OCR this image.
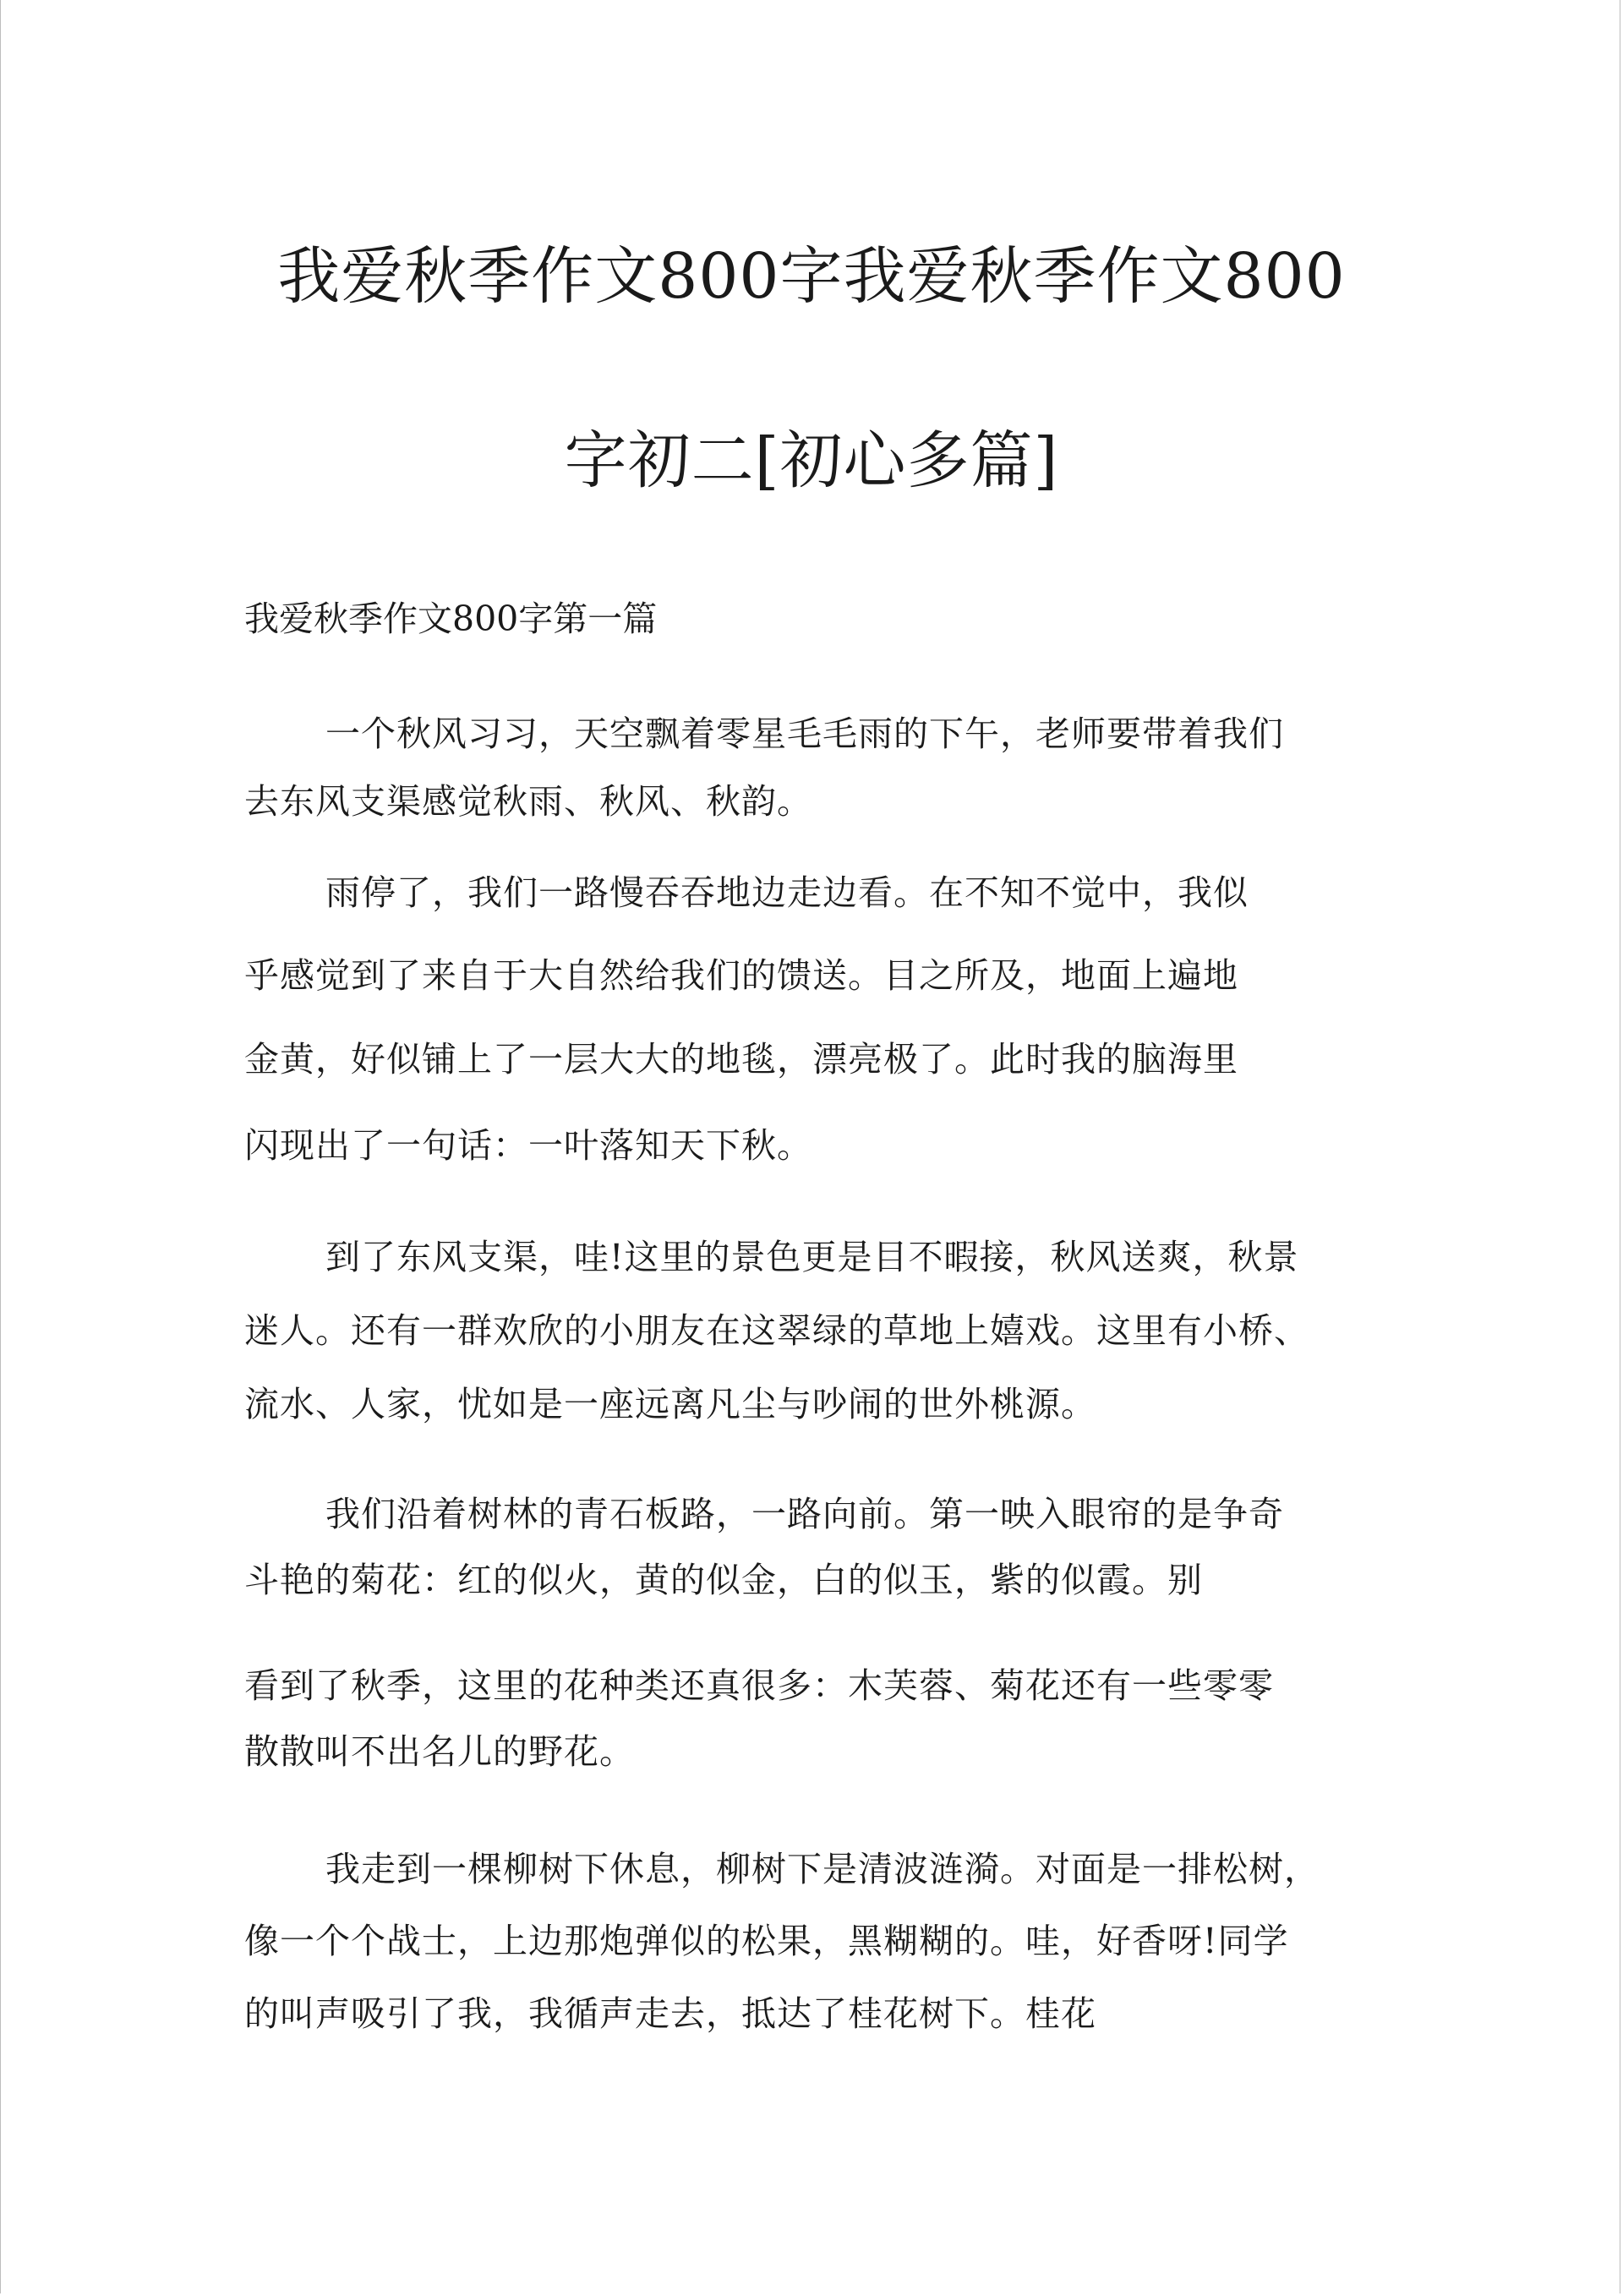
我爱秋季作文800字我爱秋季作文800
字初二[初心多篇]
我爱秋季作文800字第一篇
一个秋风习习，天空飘着零星毛毛雨的下午，老师要带着我们
去东风支渠感觉秋雨、秋风、秋韵。
雨停了，我们一路慢吞吞地边走边看。在不知不觉中，我似
乎感觉到了来自于大自然给我们的馈送。目之所及，地面上遍地
金黄，好似铺上了一层大大的地毯，漂亮极了。此时我的脑海里
闪现出了一句话：一叶落知天下秋。
到了东风支渠，哇!这里的景色更是目不暇接，秋风送爽，秋景
迷人。还有一群欢欣的小朋友在这翠绿的草地上嬉戏。这里有小桥、
流水、人家，忧如是一座远离凡尘与吵闹的世外桃源。
我们沿着树林的青石板路，一路向前。第一映入眼帘的是争奇
斗艳的菊花：红的似火，黄的似金，白的似玉，紫的似霞。别
看到了秋季，这里的花种类还真很多：木芙蓉、菊花还有一些零零
散散叫不出名儿的野花。
我走到一棵柳树下休息，柳树下是清波涟漪。对面是一排松树，
像一个个战士，上边那炮弹似的松果，黑糊糊的。哇，好香呀!同学
的叫声吸引了我，我循声走去，抵达了桂花树下。桂花
